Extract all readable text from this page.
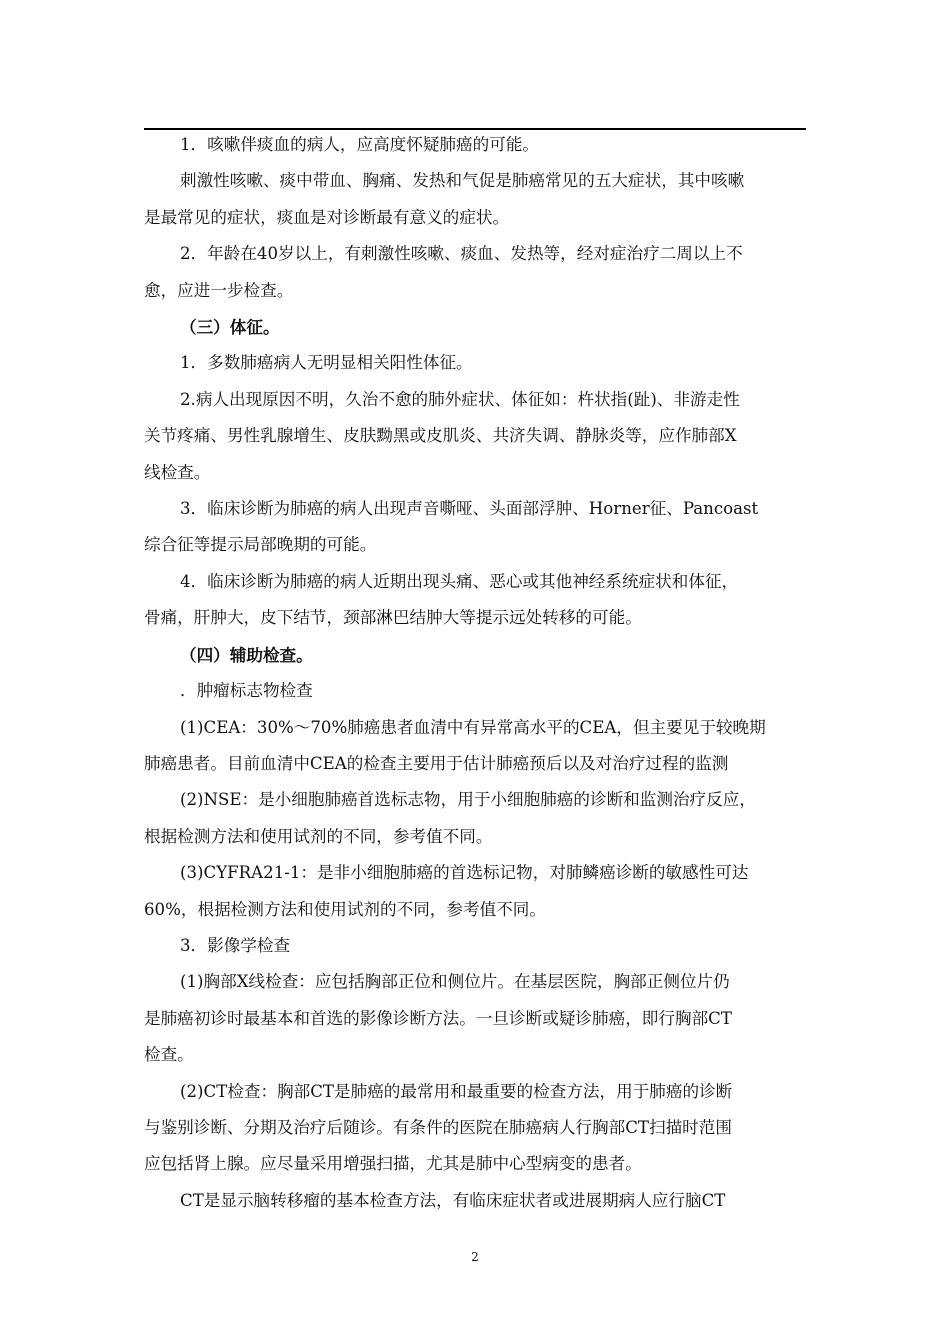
1．咳嗽伴痰血的病人，应高度怀疑肺癌的可能。

刺激性咳嗽、痰中带血、胸痛、发热和气促是肺癌常见的五大症状，其中咳嗽

是最常见的症状，痰血是对诊断最有意义的症状。

2．年龄在40岁以上，有刺激性咳嗽、痰血、发热等，经对症治疗二周以上不

愈，应进一步检查。

（三）体征。

1．多数肺癌病人无明显相关阳性体征。

2.病人出现原因不明，久治不愈的肺外症状、体征如：杵状指(趾)、非游走性

关节疼痛、男性乳腺增生、皮肤黝黑或皮肌炎、共济失调、静脉炎等，应作肺部X

线检查。

3．临床诊断为肺癌的病人出现声音嘶哑、头面部浮肿、Horner征、Pancoast

综合征等提示局部晚期的可能。

4．临床诊断为肺癌的病人近期出现头痛、恶心或其他神经系统症状和体征，

骨痛，肝肿大，皮下结节，颈部淋巴结肿大等提示远处转移的可能。

（四）辅助检查。

．肿瘤标志物检查

(1)CEA：30%～70%肺癌患者血清中有异常高水平的CEA，但主要见于较晚期

肺癌患者。目前血清中CEA的检查主要用于估计肺癌预后以及对治疗过程的监测

(2)NSE：是小细胞肺癌首选标志物，用于小细胞肺癌的诊断和监测治疗反应，

根据检测方法和使用试剂的不同，参考值不同。

(3)CYFRA21-1：是非小细胞肺癌的首选标记物，对肺鳞癌诊断的敏感性可达

60%，根据检测方法和使用试剂的不同，参考值不同。

3．影像学检查

(1)胸部X线检查：应包括胸部正位和侧位片。在基层医院，胸部正侧位片仍

是肺癌初诊时最基本和首选的影像诊断方法。一旦诊断或疑诊肺癌，即行胸部CT

检查。

(2)CT检查：胸部CT是肺癌的最常用和最重要的检查方法，用于肺癌的诊断

与鉴别诊断、分期及治疗后随诊。有条件的医院在肺癌病人行胸部CT扫描时范围

应包括肾上腺。应尽量采用增强扫描，尤其是肺中心型病变的患者。

CT是显示脑转移瘤的基本检查方法，有临床症状者或进展期病人应行脑CT

2
